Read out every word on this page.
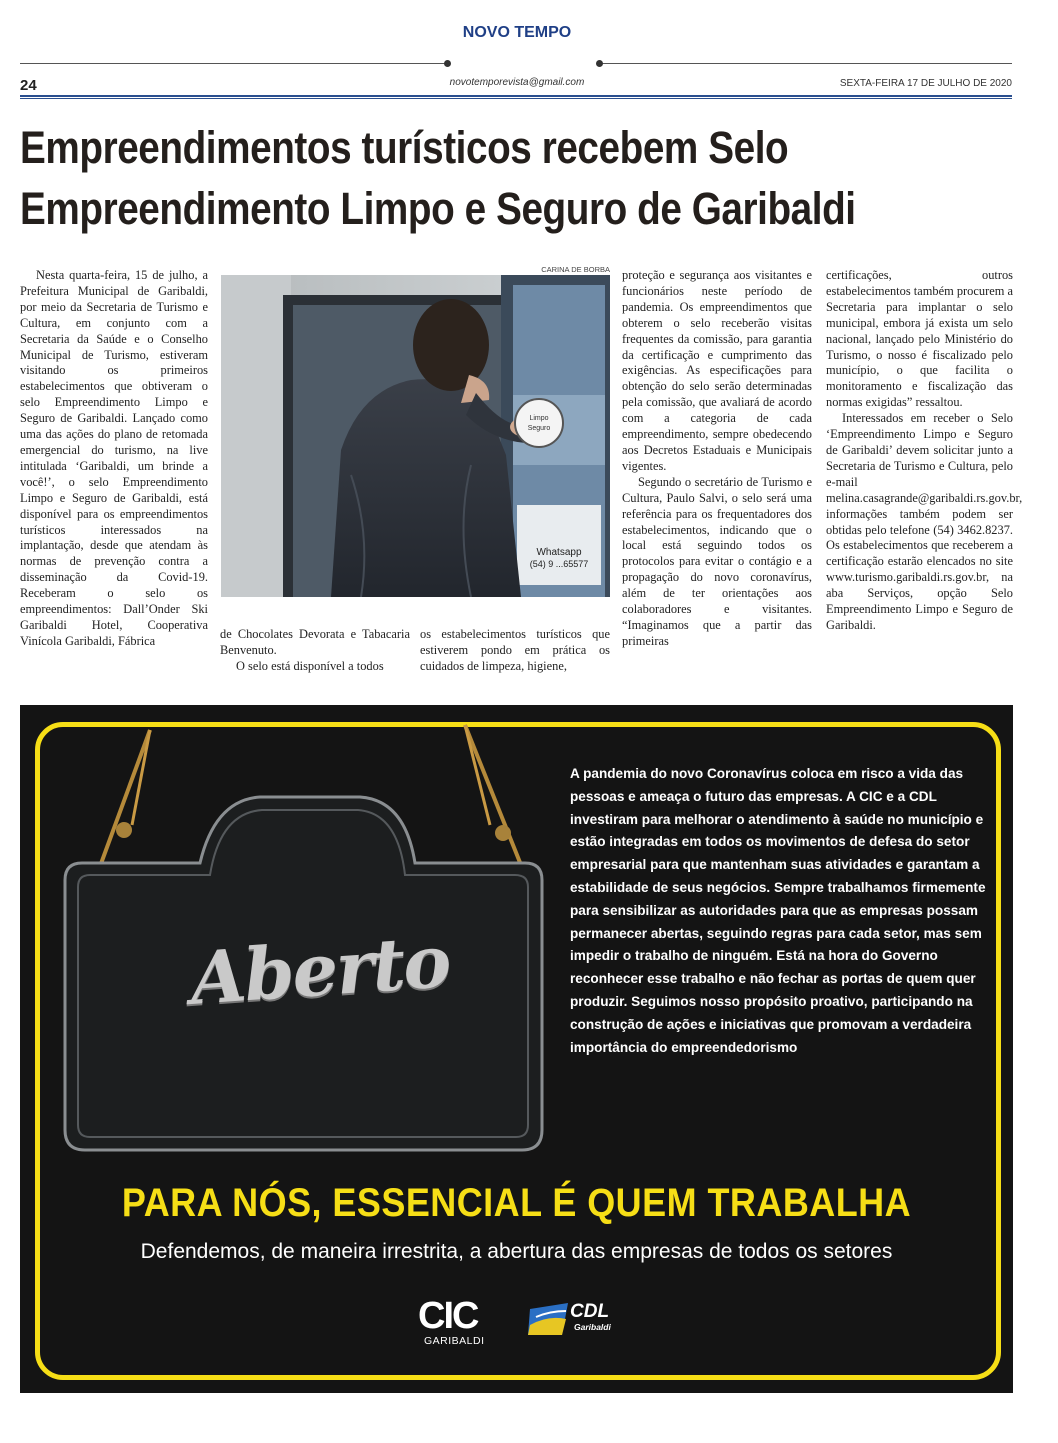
NOVO TEMPO
novotemporevista@gmail.com
24	SEXTA-FEIRA 17 DE JULHO DE 2020
Empreendimentos turísticos recebem Selo
Empreendimento Limpo e Seguro de Garibaldi

Nesta quarta-feira, 15 de julho, a Prefeitura Municipal de Garibaldi, por meio da Secretaria de Turismo e Cultura, em conjunto com a Secretaria da Saúde e o Conselho Municipal de Turismo, estiveram visitando os primeiros estabelecimentos que obtiveram o selo Empreendimento Limpo e Seguro de Garibaldi. Lançado como uma das ações do plano de retomada emergencial do turismo, na live intitulada ‘Garibaldi, um brinde a você!’, o selo Empreendimento Limpo e Seguro de Garibaldi, está disponível para os empreendimentos turísticos interessados na implantação, desde que atendam às normas de prevenção contra a disseminação da Covid-19. Receberam o selo os empreendimentos: Dall’Onder Ski Garibaldi Hotel, Cooperativa Vinícola Garibaldi, Fábrica

CARINA DE BORBA
Whatsapp
(54) 9 ...65577
Limpo
Seguro

de Chocolates Devorata e Tabacaria Benvenuto.

O selo está disponível a todos

os estabelecimentos turísticos que estiverem pondo em prática os cuidados de limpeza, higiene,

proteção e segurança aos visitantes e funcionários neste período de pandemia. Os empreendimentos que obterem o selo receberão visitas frequentes da comissão, para garantia da certificação e cumprimento das exigências. As especificações para obtenção do selo serão determinadas pela comissão, que avaliará de acordo com a categoria de cada empreendimento, sempre obedecendo aos Decretos Estaduais e Municipais vigentes.

Segundo o secretário de Turismo e Cultura, Paulo Salvi, o selo será uma referência para os frequentadores dos estabelecimentos, indicando que o local está seguindo todos os protocolos para evitar o contágio e a propagação do novo coronavírus, além de ter orientações aos colaboradores e visitantes. “Imaginamos que a partir das primeiras

certificações, outros estabelecimentos também procurem a Secretaria para implantar o selo municipal, embora já exista um selo nacional, lançado pelo Ministério do Turismo, o nosso é fiscalizado pelo município, o que facilita o monitoramento e fiscalização das normas exigidas” ressaltou.

Interessados em receber o Selo ‘Empreendimento Limpo e Seguro de Garibaldi’ devem solicitar junto a Secretaria de Turismo e Cultura, pelo e-mail melina.casagrande@garibaldi.rs.gov.br, informações também podem ser obtidas pelo telefone (54) 3462.8237. Os estabelecimentos que receberem a certificação estarão elencados no site www.turismo.garibaldi.rs.gov.br, na aba Serviços, opção Selo Empreendimento Limpo e Seguro de Garibaldi.

Aberto
A pandemia do novo Coronavírus coloca em risco a vida das pessoas e ameaça o futuro das empresas. A CIC e a CDL investiram para melhorar o atendimento à saúde no município e estão integradas em todos os movimentos de defesa do setor empresarial para que mantenham suas atividades e garantam a estabilidade de seus negócios. Sempre trabalhamos firmemente para sensibilizar as autoridades para que as empresas possam permanecer abertas, seguindo regras para cada setor, mas sem impedir o trabalho de ninguém. Está na hora do Governo reconhecer esse trabalho e não fechar as portas de quem quer produzir. Seguimos nosso propósito proativo, participando na construção de ações e iniciativas que promovam a verdadeira importância do empreendedorismo
PARA NÓS, ESSENCIAL É QUEM TRABALHA
Defendemos, de maneira irrestrita, a abertura das empresas de todos os setores
CIC
GARIBALDI
CDL
Garibaldi
